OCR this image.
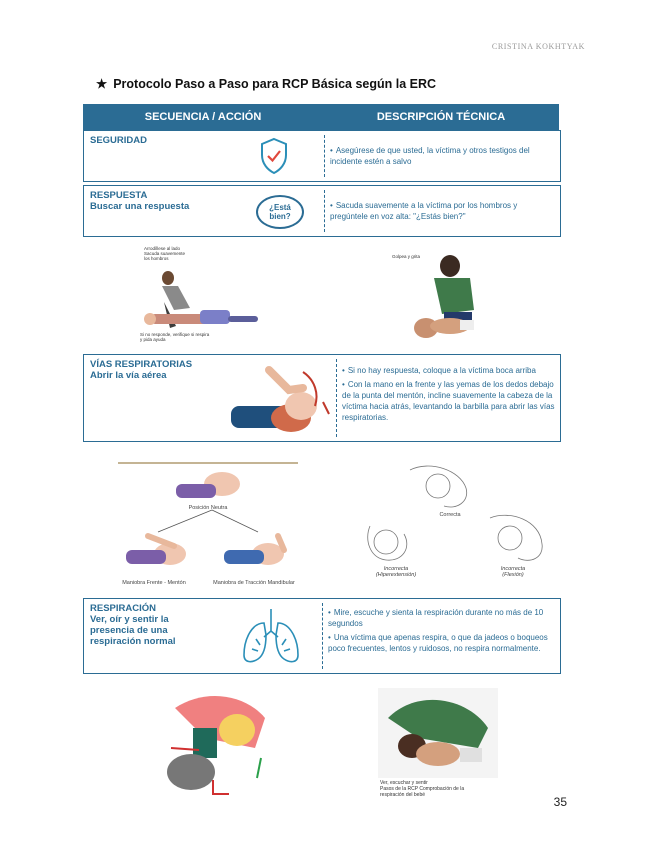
CRISTINA KOKHTYAK
★ Protocolo Paso a Paso para RCP Básica según la ERC
SECUENCIA / ACCIÓN	DESCRIPCIÓN TÉCNICA
SEGURIDAD
• Asegúrese de que usted, la víctima y otros testigos del incidente estén a salvo
RESPUESTA
Buscar una respuesta	¿Está bien?
• Sacuda suavemente a la víctima por los hombros y pregúntele en voz alta: "¿Estás bien?"
Arrodíllese al lado
Sacuda suavemente
los hombros
Si no responde, verifique si respira
y pida ayuda
Golpea y grita
VÍAS RESPIRATORIAS
Abrir la vía aérea
•	Si no hay respuesta, coloque a la víctima boca arriba
• Con la mano en la frente y las yemas de los dedos debajo de la punta del mentón, incline suavemente la cabeza de la víctima hacia atrás, levantando la barbilla para abrir las vías respiratorias.
Posición Neutra
Maniobra Frente - Mentón	Maniobra de Tracción Mandibular
Correcta
Incorrecta
(Hiperextensión)
Incorrecta
(Flexión)
RESPIRACIÓN
Ver, oír y sentir la presencia de una respiración normal
• Mire, escuche y sienta la respiración durante no más de 10 segundos
• Una víctima que apenas respira, o que da jadeos o boqueos poco frecuentes, lentos y ruidosos, no respira normalmente.
Ver, escuchar y sentir
Pasos de la RCP Comprobación de la
respiración del bebé	35
